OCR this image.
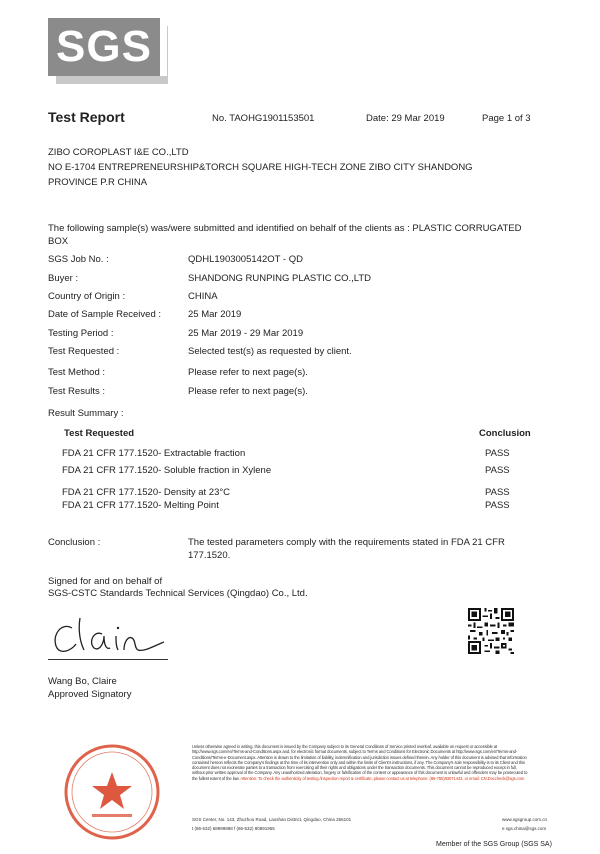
SGS
Test Report	No. TAOHG1901153501	Date: 29 Mar 2019	Page 1 of 3
ZIBO COROPLAST I&E CO.,LTD
NO E-1704 ENTREPRENEURSHIP&TORCH SQUARE HIGH-TECH ZONE ZIBO CITY SHANDONG
PROVINCE P.R CHINA
The following sample(s) was/were submitted and identified on behalf of the clients as : PLASTIC CORRUGATED
BOX
SGS Job No. :	QDHL1903005142OT - QD
Buyer :	SHANDONG RUNPING PLASTIC CO.,LTD
Country of Origin :	CHINA
Date of Sample Received :	25 Mar 2019
Testing Period :	25 Mar 2019 - 29 Mar 2019
Test Requested :	Selected test(s) as requested by client.
Test Method :	Please refer to next page(s).
Test Results :	Please refer to next page(s).
Result Summary :
Test Requested	Conclusion
FDA 21 CFR 177.1520- Extractable fraction	PASS
FDA 21 CFR 177.1520- Soluble fraction in Xylene	PASS
FDA 21 CFR 177.1520- Density at 23°C	PASS
FDA 21 CFR 177.1520- Melting Point	PASS
Conclusion :	The tested parameters comply with the requirements stated in FDA 21 CFR
177.1520.
Signed for and on behalf of
SGS-CSTC Standards Technical Services (Qingdao) Co., Ltd.
Wang Bo, Claire
Approved Signatory
Unless otherwise agreed in writing, this document is issued by the Company subject to its General Conditions of Service printed overleaf, available on request or accessible at http://www.sgs.com/en/Terms-and-Conditions.aspx and, for electronic format documents, subject to Terms and Conditions for Electronic Documents at http://www.sgs.com/en/Terms-and-Conditions/Terms-e-Document.aspx. Attention is drawn to the limitation of liability, indemnification and jurisdiction issues defined therein. Any holder of this document is advised that information contained hereon reflects the Company's findings at the time of its intervention only and within the limits of Client's instructions, if any. The Company's sole responsibility is to its Client and this document does not exonerate parties to a transaction from exercising all their rights and obligations under the transaction documents. This document cannot be reproduced except in full, without prior written approval of the Company. Any unauthorized alteration, forgery or falsification of the content or appearance of this document is unlawful and offenders may be prosecuted to the fullest extent of the law. Attention: To check the authenticity of testing /inspection report & certificate, please contact us at telephone: (86-755)83071443, or email: CN.Doccheck@sgs.com
SGS Center, No. 143, Zhuzhou Road, Laoshan District, Qingdao, China 266101
t (86-532) 68999888 f (86-532) 80891955
www.sgsgroup.com.cn
e sgs.china@sgs.com
Member of the SGS Group (SGS SA)
